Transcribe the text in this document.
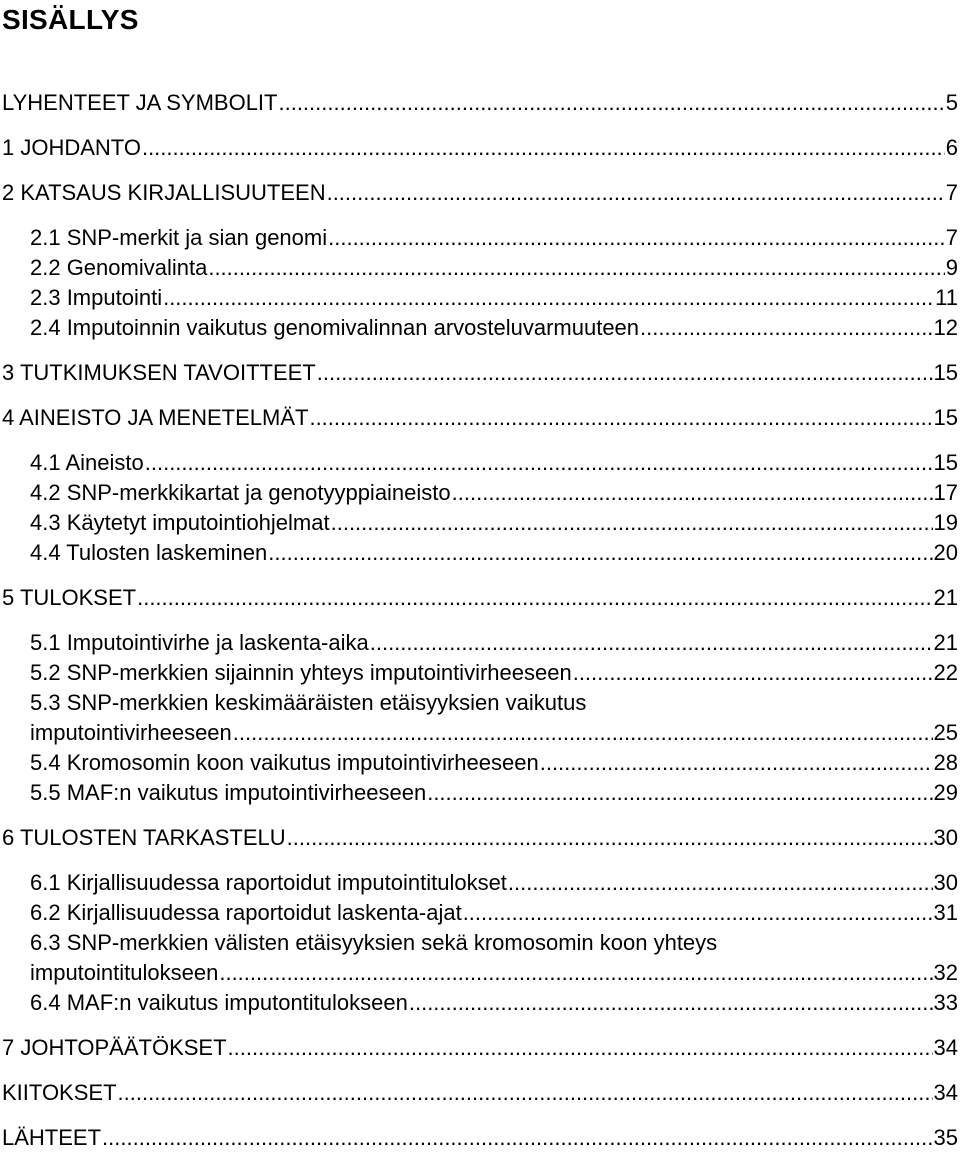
SISÄLLYS
LYHENTEET JA SYMBOLIT .....	5
1 JOHDANTO .....	6
2 KATSAUS KIRJALLISUUTEEN .....	7
2.1 SNP-merkit ja sian genomi .....	7
2.2 Genomivalinta .....	9
2.3 Imputointi .....	11
2.4 Imputoinnin vaikutus genomivalinnan arvosteluvarmuuteen .....	12
3 TUTKIMUKSEN TAVOITTEET .....	15
4 AINEISTO JA MENETELMÄT .....	15
4.1 Aineisto .....	15
4.2 SNP-merkkikartat ja genotyyppiaineisto .....	17
4.3 Käytetyt imputointiohjelmat .....	19
4.4 Tulosten laskeminen .....	20
5 TULOKSET .....	21
5.1 Imputointivirhe ja laskenta-aika .....	21
5.2 SNP-merkkien sijainnin yhteys imputointivirheeseen .....	22
5.3 SNP-merkkien keskimääräisten etäisyyksien vaikutus
imputointivirheeseen .....	25
5.4 Kromosomin koon vaikutus imputointivirheeseen .....	28
5.5 MAF:n vaikutus imputointivirheeseen .....	29
6 TULOSTEN TARKASTELU .....	30
6.1 Kirjallisuudessa raportoidut imputointitulokset .....	30
6.2 Kirjallisuudessa raportoidut laskenta-ajat .....	31
6.3 SNP-merkkien välisten etäisyyksien sekä kromosomin koon yhteys
imputointitulokseen .....	32
6.4 MAF:n vaikutus imputontitulokseen .....	33
7 JOHTOPÄÄTÖKSET .....	34
KIITOKSET .....	34
LÄHTEET .....	35
